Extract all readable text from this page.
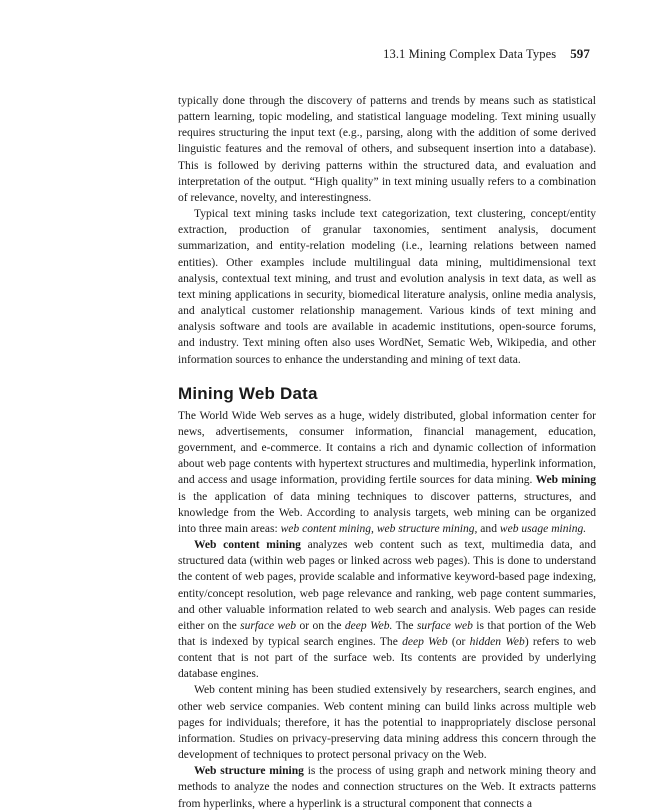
13.1 Mining Complex Data Types 597

typically done through the discovery of patterns and trends by means such as statistical pattern learning, topic modeling, and statistical language modeling. Text mining usually requires structuring the input text (e.g., parsing, along with the addition of some derived linguistic features and the removal of others, and subsequent insertion into a database). This is followed by deriving patterns within the structured data, and evaluation and interpretation of the output. “High quality” in text mining usually refers to a combination of relevance, novelty, and interestingness.

Typical text mining tasks include text categorization, text clustering, concept/entity extraction, production of granular taxonomies, sentiment analysis, document summarization, and entity-relation modeling (i.e., learning relations between named entities). Other examples include multilingual data mining, multidimensional text analysis, contextual text mining, and trust and evolution analysis in text data, as well as text mining applications in security, biomedical literature analysis, online media analysis, and analytical customer relationship management. Various kinds of text mining and analysis software and tools are available in academic institutions, open-source forums, and industry. Text mining often also uses WordNet, Sematic Web, Wikipedia, and other information sources to enhance the understanding and mining of text data.

Mining Web Data

The World Wide Web serves as a huge, widely distributed, global information center for news, advertisements, consumer information, financial management, education, government, and e-commerce. It contains a rich and dynamic collection of information about web page contents with hypertext structures and multimedia, hyperlink information, and access and usage information, providing fertile sources for data mining. Web mining is the application of data mining techniques to discover patterns, structures, and knowledge from the Web. According to analysis targets, web mining can be organized into three main areas: web content mining, web structure mining, and web usage mining.

Web content mining analyzes web content such as text, multimedia data, and structured data (within web pages or linked across web pages). This is done to understand the content of web pages, provide scalable and informative keyword-based page indexing, entity/concept resolution, web page relevance and ranking, web page content summaries, and other valuable information related to web search and analysis. Web pages can reside either on the surface web or on the deep Web. The surface web is that portion of the Web that is indexed by typical search engines. The deep Web (or hidden Web) refers to web content that is not part of the surface web. Its contents are provided by underlying database engines.

Web content mining has been studied extensively by researchers, search engines, and other web service companies. Web content mining can build links across multiple web pages for individuals; therefore, it has the potential to inappropriately disclose personal information. Studies on privacy-preserving data mining address this concern through the development of techniques to protect personal privacy on the Web.

Web structure mining is the process of using graph and network mining theory and methods to analyze the nodes and connection structures on the Web. It extracts patterns from hyperlinks, where a hyperlink is a structural component that connects a
